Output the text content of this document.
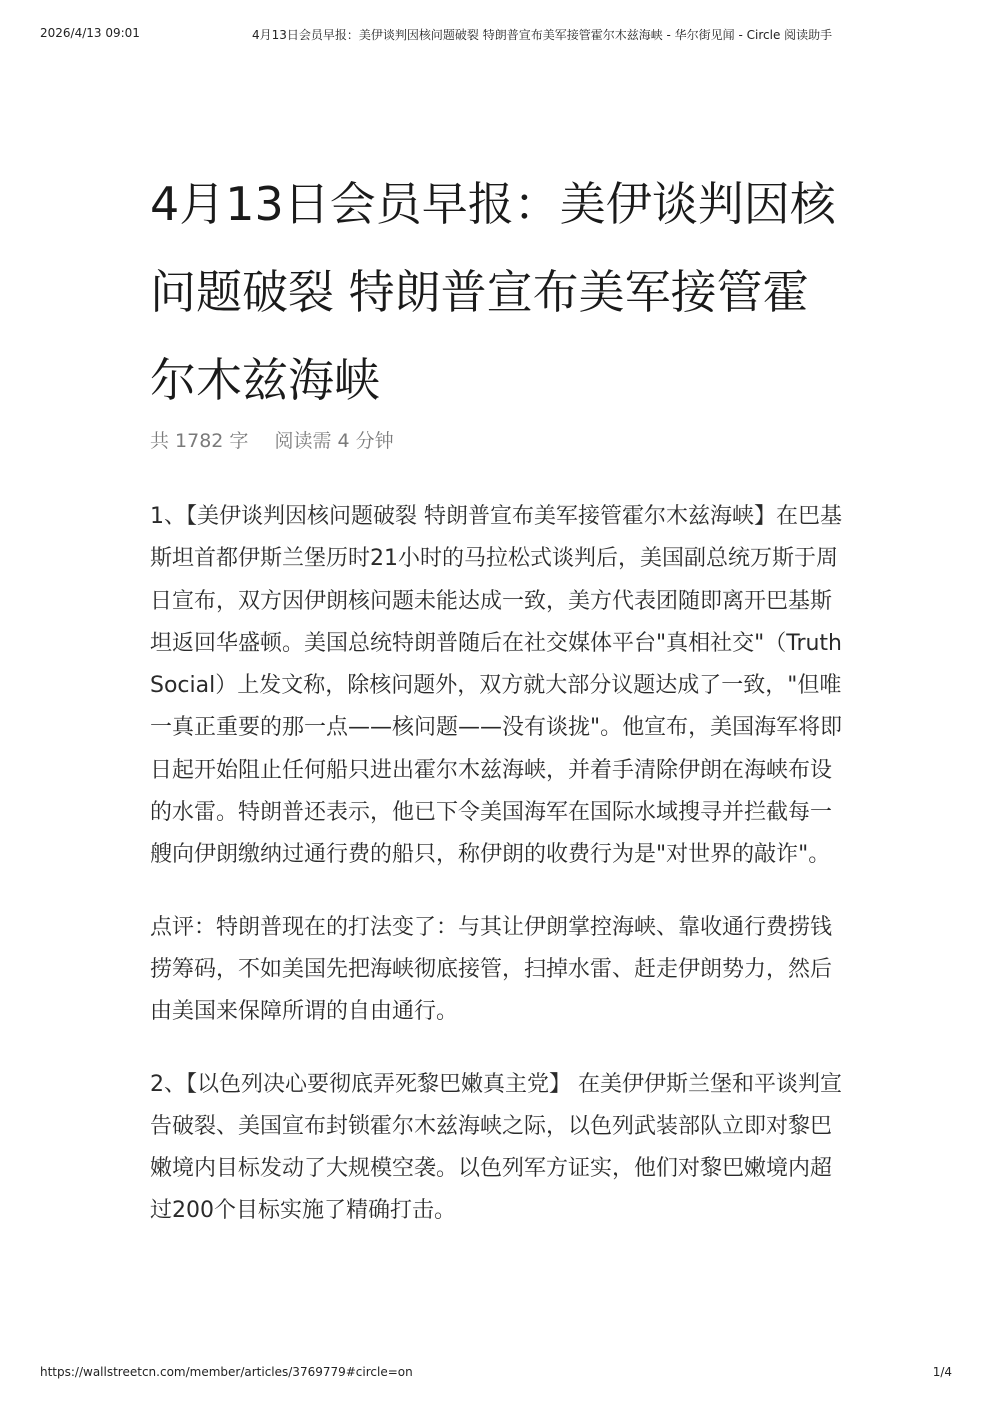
2026/4/13 09:01	4月13日会员早报：美伊谈判因核问题破裂 特朗普宣布美军接管霍尔木兹海峡 - 华尔街见闻 - Circle 阅读助手
4月13日会员早报：美伊谈判因核问题破裂 特朗普宣布美军接管霍尔木兹海峡
共 1782 字 阅读需 4 分钟

1、【美伊谈判因核问题破裂 特朗普宣布美军接管霍尔木兹海峡】在巴基斯坦首都伊斯兰堡历时21小时的马拉松式谈判后，美国副总统万斯于周日宣布，双方因伊朗核问题未能达成一致，美方代表团随即离开巴基斯坦返回华盛顿。美国总统特朗普随后在社交媒体平台"真相社交"（Truth Social）上发文称，除核问题外，双方就大部分议题达成了一致，"但唯一真正重要的那一点——核问题——没有谈拢"。他宣布，美国海军将即日起开始阻止任何船只进出霍尔木兹海峡，并着手清除伊朗在海峡布设的水雷。特朗普还表示，他已下令美国海军在国际水域搜寻并拦截每一艘向伊朗缴纳过通行费的船只，称伊朗的收费行为是"对世界的敲诈"。

点评：特朗普现在的打法变了：与其让伊朗掌控海峡、靠收通行费捞钱捞筹码，不如美国先把海峡彻底接管，扫掉水雷、赶走伊朗势力，然后由美国来保障所谓的自由通行。

2、【以色列决心要彻底弄死黎巴嫩真主党】 在美伊伊斯兰堡和平谈判宣告破裂、美国宣布封锁霍尔木兹海峡之际，以色列武装部队立即对黎巴嫩境内目标发动了大规模空袭。以色列军方证实，他们对黎巴嫩境内超过200个目标实施了精确打击。

https://wallstreetcn.com/member/articles/3769779#circle=on	1/4
